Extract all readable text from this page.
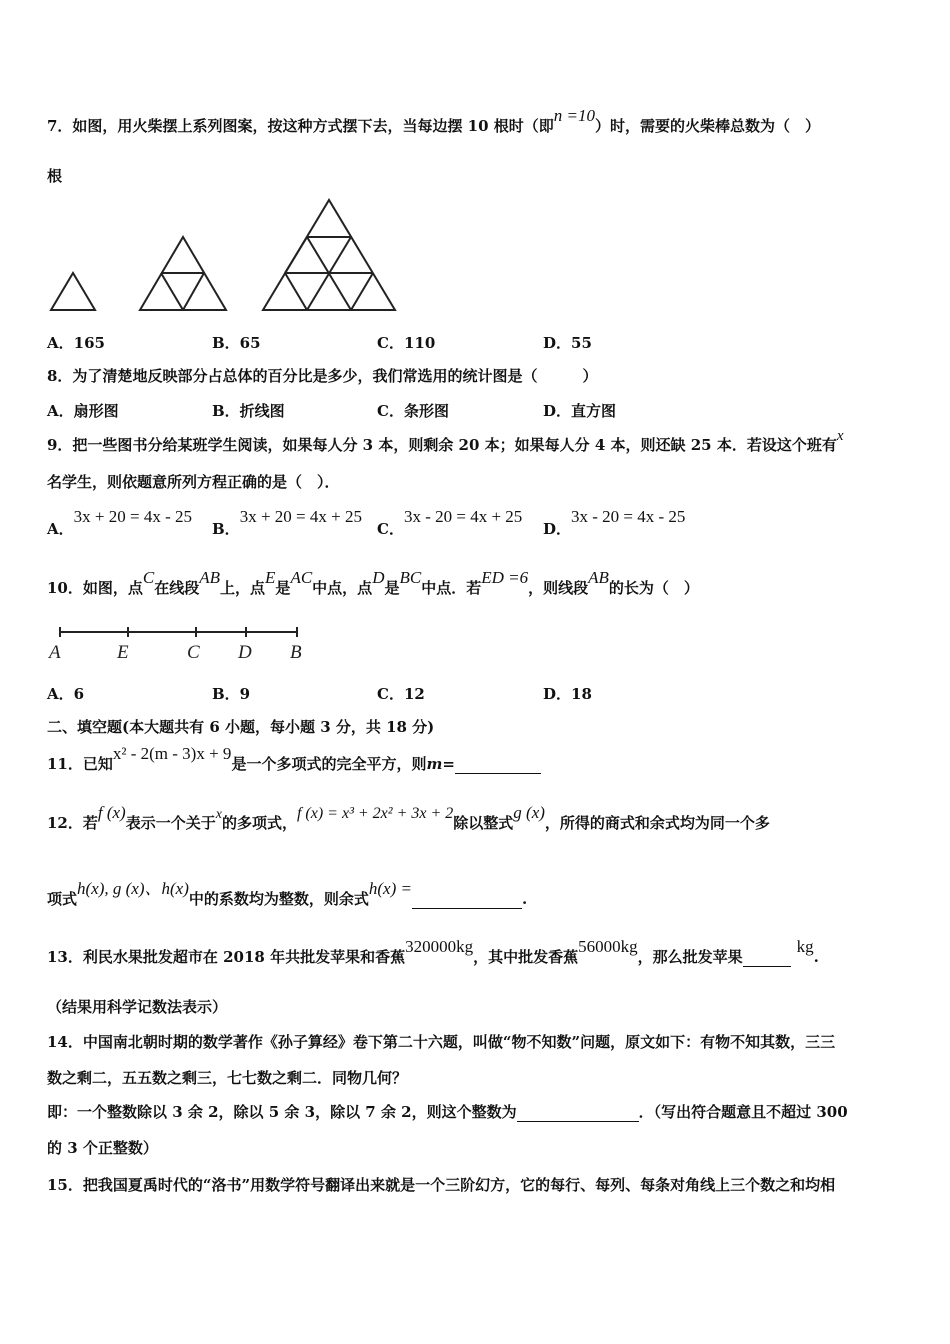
7．如图，用火柴摆上系列图案，按这种方式摆下去，当每边摆 10 根时（即n =10）时，需要的火柴棒总数为（　）
根
A．165	B．65	C．110	D．55
8．为了清楚地反映部分占总体的百分比是多少，我们常选用的统计图是（　　　）
A．扇形图	B．折线图	C．条形图	D．直方图
9．把一些图书分给某班学生阅读，如果每人分 3 本，则剩余 20 本；如果每人分 4 本，则还缺 25 本．若设这个班有x
名学生，则依题意所列方程正确的是（　）．
A．3x + 20 = 4x - 25
B．3x + 20 = 4x + 25
C．3x - 20 = 4x + 25
D．3x - 20 = 4x - 25
10．如图，点C在线段AB上，点E是AC中点，点D是BC中点．若ED =6，则线段AB的长为（　）
A	E	C D B
A．6	B．9	C．12	D．18
二、填空题(本大题共有 6 小题，每小题 3 分，共 18 分)
11．已知x² - 2(m - 3)x + 9是一个多项式的完全平方，则m=
12．若f (x)表示一个关于x的多项式，f (x) = x³ + 2x² + 3x + 2除以整式g (x)，所得的商式和余式均为同一个多
项式h(x), g (x)、h(x)中的系数均为整数，则余式h(x) =.
13．利民水果批发超市在 2018 年共批发苹果和香蕉320000kg，其中批发香蕉56000kg，那么批发苹果kg.
（结果用科学记数法表示）
14．中国南北朝时期的数学著作《孙子算经》卷下第二十六题，叫做“物不知数”问题，原文如下：有物不知其数，三三
数之剩二，五五数之剩三，七七数之剩二．同物几何？
即：一个整数除以 3 余 2，除以 5 余 3，除以 7 余 2，则这个整数为	．（写出符合题意且不超过 300
的 3 个正整数）
15．把我国夏禹时代的“洛书”用数学符号翻译出来就是一个三阶幻方，它的每行、每列、每条对角线上三个数之和均相
